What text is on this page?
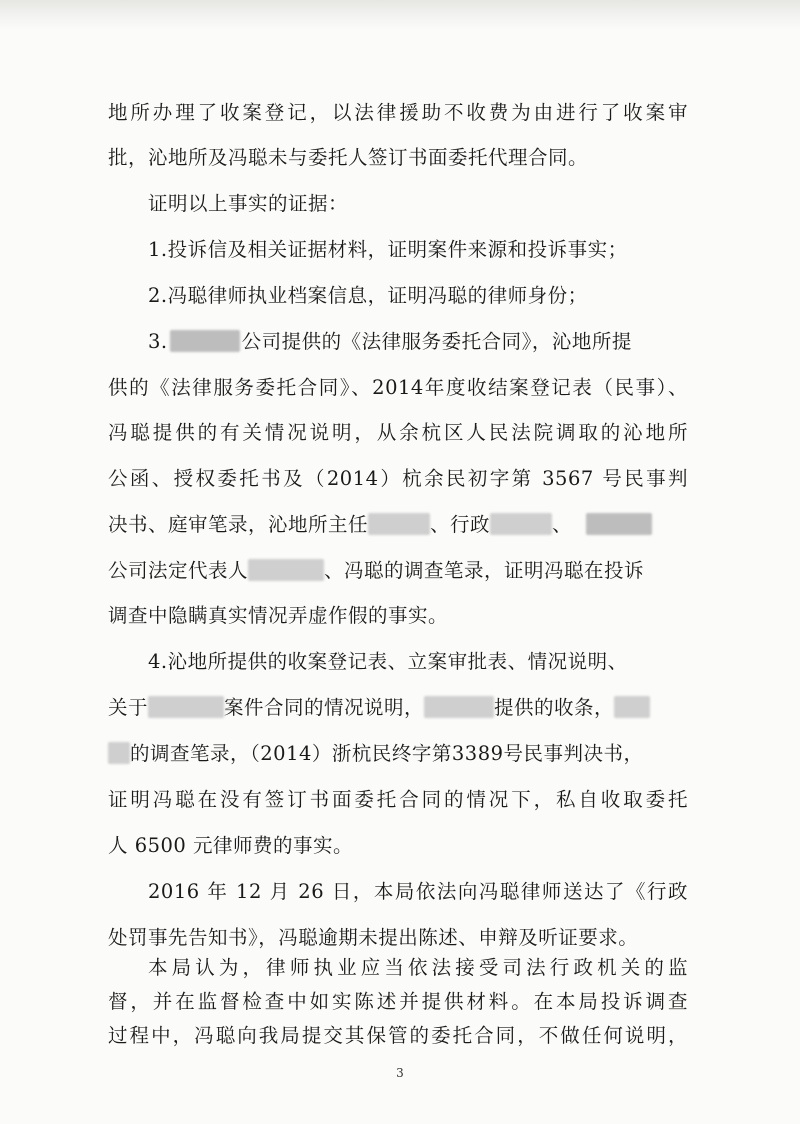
地所办理了收案登记，以法律援助不收费为由进行了收案审
批，沁地所及冯聪未与委托人签订书面委托代理合同。
证明以上事实的证据：
1.投诉信及相关证据材料，证明案件来源和投诉事实；
2.冯聪律师执业档案信息，证明冯聪的律师身份；
3.	公司提供的《法律服务委托合同》，沁地所提
供的《法律服务委托合同》、2014年度收结案登记表（民事）、
冯聪提供的有关情况说明，从余杭区人民法院调取的沁地所
公函、授权委托书及（2014）杭余民初字第 3567 号民事判
决书、庭审笔录，沁地所主任	、行政	、
公司法定代表人	、冯聪的调查笔录，证明冯聪在投诉
调查中隐瞒真实情况弄虚作假的事实。
4.沁地所提供的收案登记表、立案审批表、情况说明、
关于	案件合同的情况说明，	提供的收条，
的调查笔录，（2014）浙杭民终字第3389号民事判决书，
证明冯聪在没有签订书面委托合同的情况下，私自收取委托
人 6500 元律师费的事实。
2016 年 12 月 26 日，本局依法向冯聪律师送达了《行政
处罚事先告知书》，冯聪逾期未提出陈述、申辩及听证要求。
本局认为，律师执业应当依法接受司法行政机关的监
督，并在监督检查中如实陈述并提供材料。在本局投诉调查
3
过程中，冯聪向我局提交其保管的委托合同，不做任何说明，
